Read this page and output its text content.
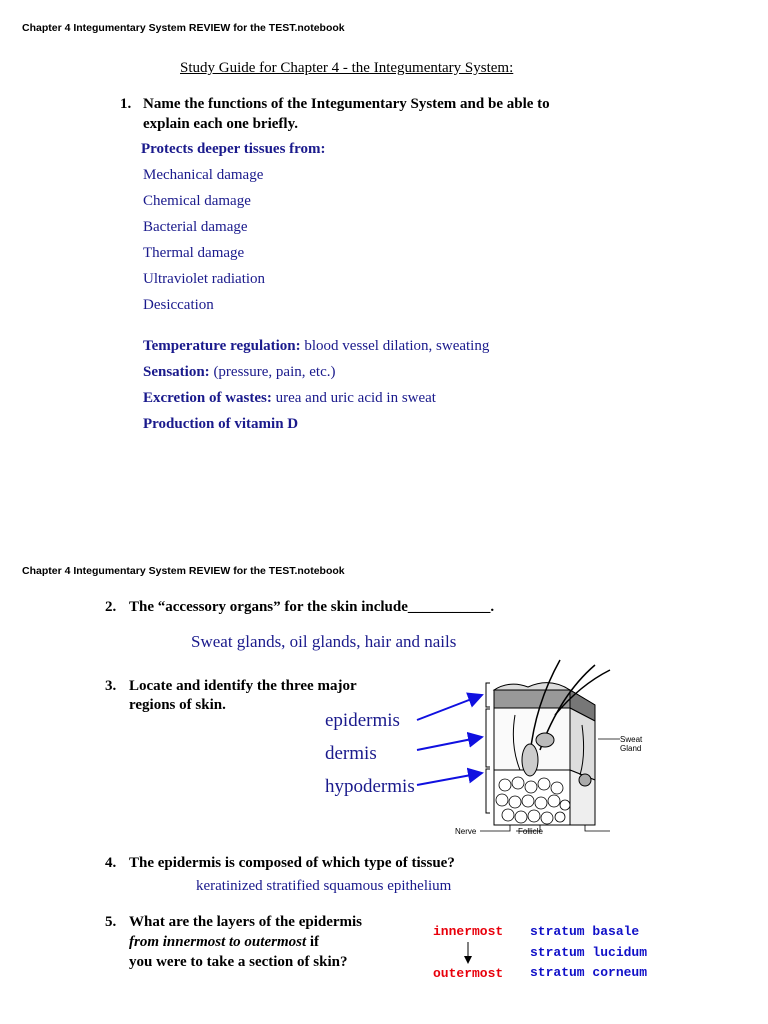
Chapter 4 Integumentary System REVIEW for the TEST.notebook
Study Guide for Chapter 4 - the Integumentary System:
1. Name the functions of the Integumentary System and be able to
explain each one briefly.
Protects deeper tissues from:
Mechanical damage
Chemical damage
Bacterial damage
Thermal damage
Ultraviolet radiation
Desiccation
Temperature regulation: blood vessel dilation, sweating
Sensation: (pressure, pain, etc.)
Excretion of wastes: urea and uric acid in sweat
Production of vitamin D
Chapter 4 Integumentary System REVIEW for the TEST.notebook
2. The “accessory organs” for the skin include___________.
Sweat glands, oil glands, hair and nails
3. Locate and identify the three major
regions of skin.
epidermis
dermis
hypodermis
Sweat
Gland
Nerve	Follicle
4. The epidermis is composed of which type of tissue?
keratinized stratified squamous epithelium
5. What are the layers of the epidermis
from innermost to outermost if
you were to take a section of skin?
innermost
outermost
stratum basale
stratum lucidum
stratum corneum
